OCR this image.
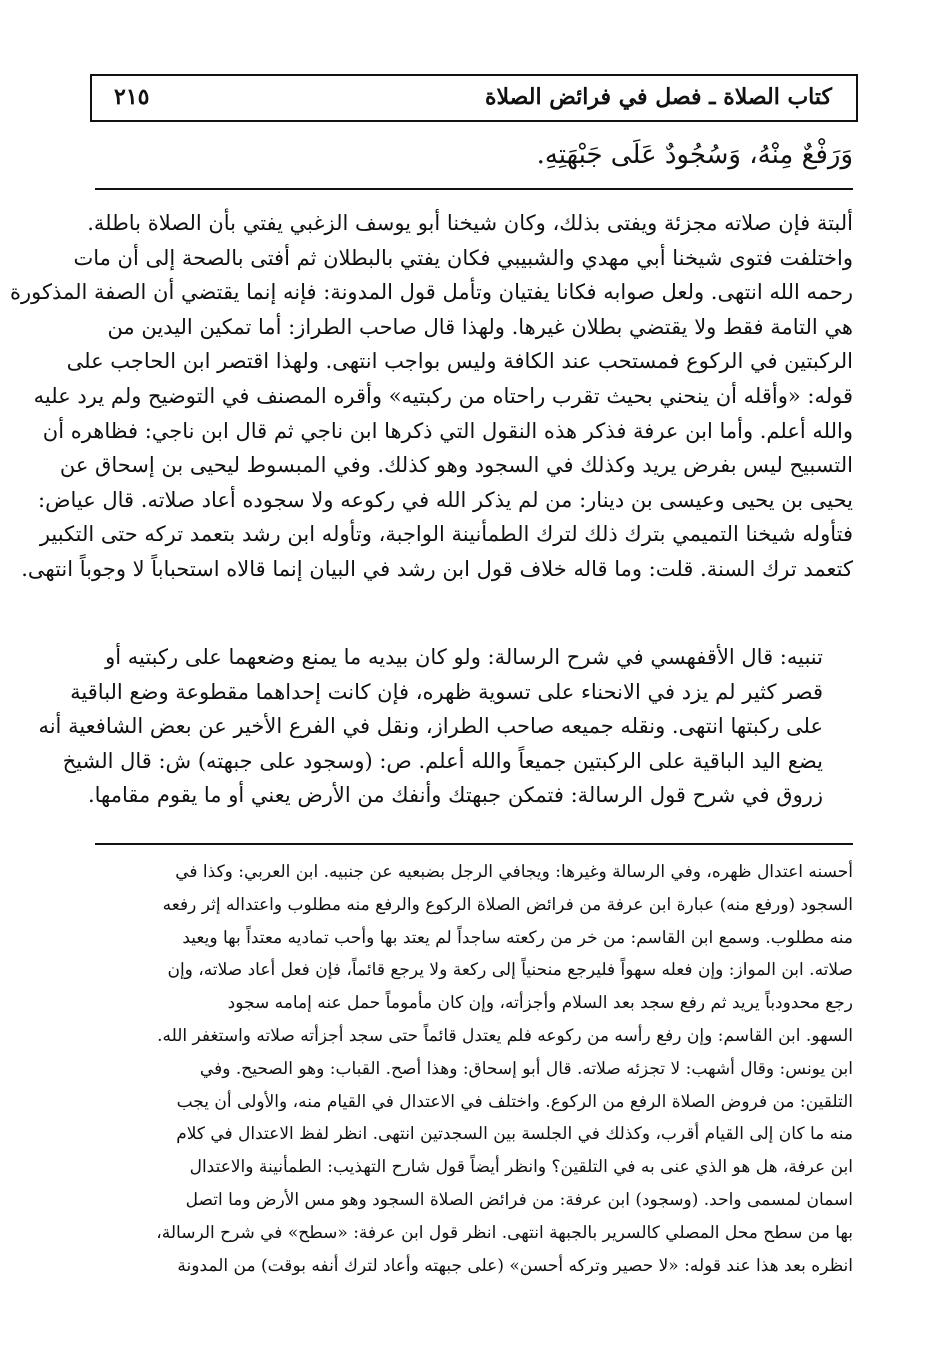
كتاب الصلاة ـ فصل في فرائض الصلاة
٢١٥
وَرَفْعٌ مِنْهُ، وَسُجُودٌ عَلَى جَبْهَتِهِ.
ألبتة فإن صلاته مجزئة ويفتى بذلك، وكان شيخنا أبو يوسف الزغبي يفتي بأن الصلاة باطلة.
واختلفت فتوى شيخنا أبي مهدي والشبيبي فكان يفتي بالبطلان ثم أفتى بالصحة إلى أن مات
رحمه الله انتهى. ولعل صوابه فكانا يفتيان وتأمل قول المدونة: فإنه إنما يقتضي أن الصفة المذكورة
هي التامة فقط ولا يقتضي بطلان غيرها. ولهذا قال صاحب الطراز: أما تمكين اليدين من
الركبتين في الركوع فمستحب عند الكافة وليس بواجب انتهى. ولهذا اقتصر ابن الحاجب على
قوله: «وأقله أن ينحني بحيث تقرب راحتاه من ركبتيه» وأقره المصنف في التوضيح ولم يرد عليه
والله أعلم. وأما ابن عرفة فذكر هذه النقول التي ذكرها ابن ناجي ثم قال ابن ناجي: فظاهره أن
التسبيح ليس بفرض يريد وكذلك في السجود وهو كذلك. وفي المبسوط ليحيى بن إسحاق عن
يحيى بن يحيى وعيسى بن دينار: من لم يذكر الله في ركوعه ولا سجوده أعاد صلاته. قال عياض:
فتأوله شيخنا التميمي بترك ذلك لترك الطمأنينة الواجبة، وتأوله ابن رشد بتعمد تركه حتى التكبير
كتعمد ترك السنة. قلت: وما قاله خلاف قول ابن رشد في البيان إنما قالاه استحباباً لا وجوباً انتهى.
تنبيه: قال الأقفهسي في شرح الرسالة: ولو كان بيديه ما يمنع وضعهما على ركبتيه أو
قصر كثير لم يزد في الانحناء على تسوية ظهره، فإن كانت إحداهما مقطوعة وضع الباقية
على ركبتها انتهى. ونقله جميعه صاحب الطراز، ونقل في الفرع الأخير عن بعض الشافعية أنه
يضع اليد الباقية على الركبتين جميعاً والله أعلم. ص: (وسجود على جبهته) ش: قال الشيخ
زروق في شرح قول الرسالة: فتمكن جبهتك وأنفك من الأرض يعني أو ما يقوم مقامها.
أحسنه اعتدال ظهره، وفي الرسالة وغيرها: ويجافي الرجل بضبعيه عن جنبيه. ابن العربي: وكذا في
السجود (ورفع منه) عبارة ابن عرفة من فرائض الصلاة الركوع والرفع منه مطلوب واعتداله إثر رفعه
منه مطلوب. وسمع ابن القاسم: من خر من ركعته ساجداً لم يعتد بها وأحب تماديه معتداً بها ويعيد
صلاته. ابن المواز: وإن فعله سهواً فليرجع منحنياً إلى ركعة ولا يرجع قائماً، فإن فعل أعاد صلاته، وإن
رجع محدودباً يريد ثم رفع سجد بعد السلام وأجزأته، وإن كان مأموماً حمل عنه إمامه سجود
السهو. ابن القاسم: وإن رفع رأسه من ركوعه فلم يعتدل قائماً حتى سجد أجزأته صلاته واستغفر الله.
ابن يونس: وقال أشهب: لا تجزئه صلاته. قال أبو إسحاق: وهذا أصح. القباب: وهو الصحيح. وفي
التلقين: من فروض الصلاة الرفع من الركوع. واختلف في الاعتدال في القيام منه، والأولى أن يجب
منه ما كان إلى القيام أقرب، وكذلك في الجلسة بين السجدتين انتهى. انظر لفظ الاعتدال في كلام
ابن عرفة، هل هو الذي عنى به في التلقين؟ وانظر أيضاً قول شارح التهذيب: الطمأنينة والاعتدال
اسمان لمسمى واحد. (وسجود) ابن عرفة: من فرائض الصلاة السجود وهو مس الأرض وما اتصل
بها من سطح محل المصلي كالسرير بالجبهة انتهى. انظر قول ابن عرفة: «سطح» في شرح الرسالة،
انظره بعد هذا عند قوله: «لا حصير وتركه أحسن» (على جبهته وأعاد لترك أنفه بوقت) من المدونة
